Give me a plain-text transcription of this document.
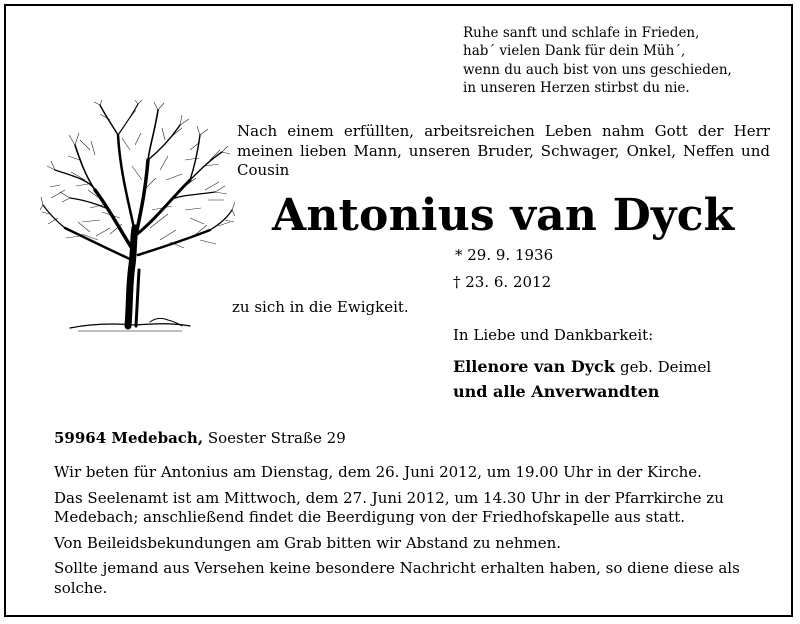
Ruhe sanft und schlafe in Frieden,
hab´ vielen Dank für dein Müh´,
wenn du auch bist von uns geschieden,
in unseren Herzen stirbst du nie.
Nach einem erfüllten, arbeitsreichen Leben nahm Gott der Herr meinen lieben Mann, unseren Bruder, Schwager, Onkel, Neffen und Cousin
Antonius van Dyck
* 29. 9. 1936
† 23. 6. 2012
zu sich in die Ewigkeit.
In Liebe und Dankbarkeit:
Ellenore van Dyck geb. Deimel
und alle Anverwandten
59964 Medebach, Soester Straße 29

Wir beten für Antonius am Dienstag, dem 26. Juni 2012, um 19.00 Uhr in der Kirche.

Das Seelenamt ist am Mittwoch, dem 27. Juni 2012, um 14.30 Uhr in der Pfarrkirche zu Medebach; anschließend findet die Beerdigung von der Friedhofskapelle aus statt.

Von Beileidsbekundungen am Grab bitten wir Abstand zu nehmen.

Sollte jemand aus Versehen keine besondere Nachricht erhalten haben, so diene diese als solche.
